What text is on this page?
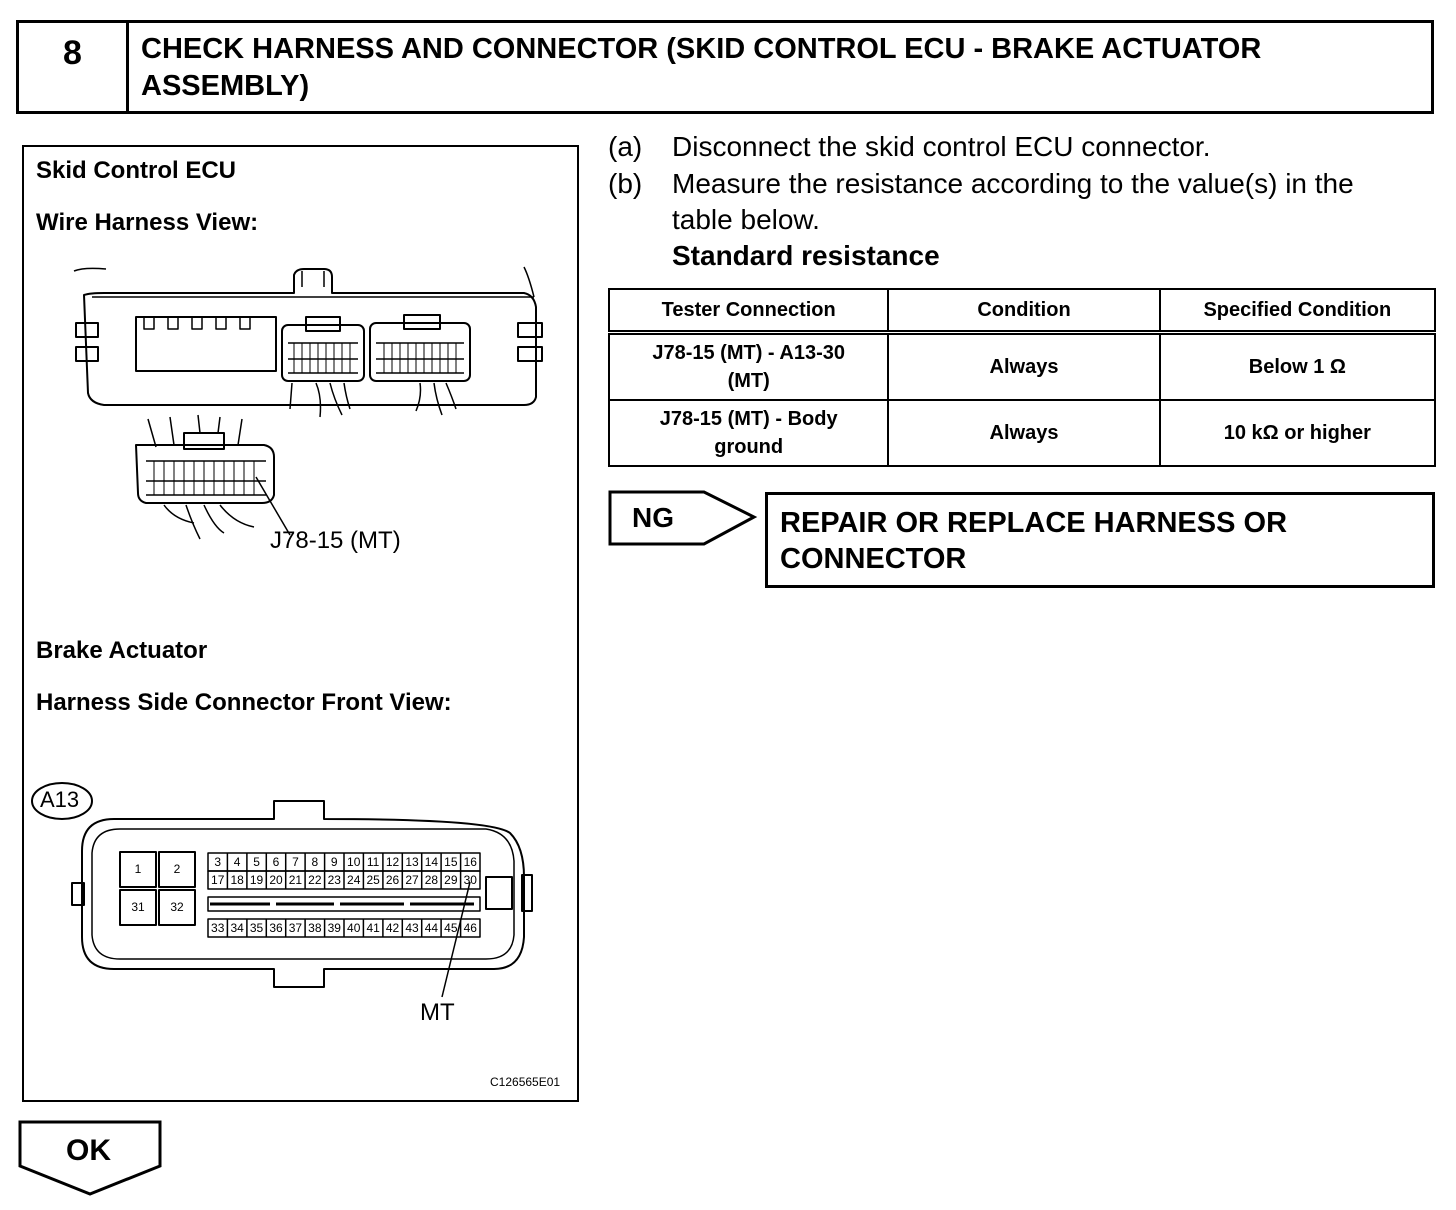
8	CHECK HARNESS AND CONNECTOR (SKID CONTROL ECU - BRAKE ACTUATOR ASSEMBLY)
Skid Control ECU
Wire Harness View:
J78-15 (MT)
Brake Actuator
Harness Side Connector Front View:
A13
1	2
31	32
3	4	5	6	7	8	9 10 11 12 13 14 15 16
17 18 19 20 21 22 23 24 25 26 27 28 29 30
33 34 35 36 37 38 39 40 41 42 43 44 45 46
MT
C126565E01
(a) Disconnect the skid control ECU connector.
(b) Measure the resistance according to the value(s) in the
table below.
Standard resistance
Tester Connection	Condition	Specified Condition
J78-15 (MT) - A13-30
(MT)	Always	Below 1 Ω
J78-15 (MT) - Body
ground	Always	10 kΩ or higher
NG	REPAIR OR REPLACE HARNESS OR
CONNECTOR
OK
